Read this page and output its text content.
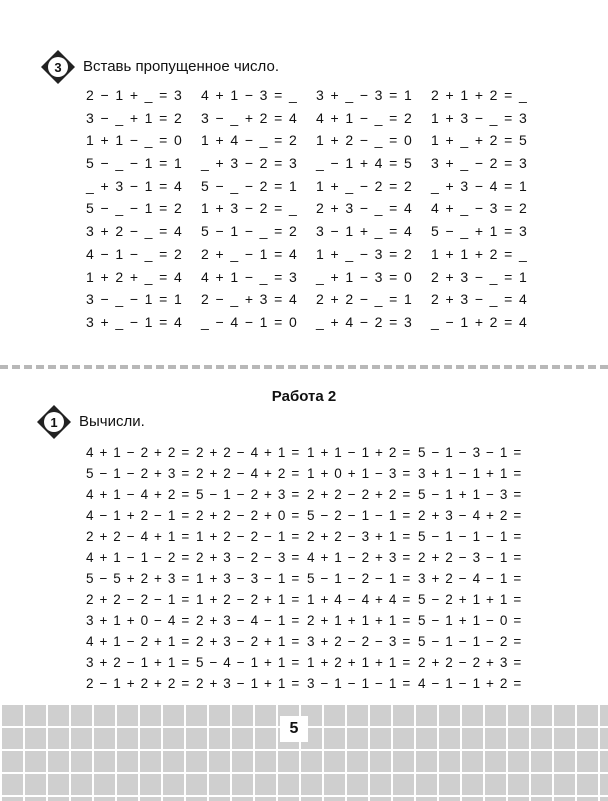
3	Вставь пропущенное число.
2 − 1 + _ = 3	4 + 1 − 3 = _	3 + _ − 3 = 1	2 + 1 + 2 = _
3 − _ + 1 = 2	3 − _ + 2 = 4	4 + 1 − _ = 2	1 + 3 − _ = 3
1 + 1 − _ = 0	1 + 4 − _ = 2	1 + 2 − _ = 0	1 + _ + 2 = 5
5 − _ − 1 = 1	_ + 3 − 2 = 3	_ − 1 + 4 = 5	3 + _ − 2 = 3
_ + 3 − 1 = 4	5 − _ − 2 = 1	1 + _ − 2 = 2	_ + 3 − 4 = 1
5 − _ − 1 = 2	1 + 3 − 2 = _	2 + 3 − _ = 4	4 + _ − 3 = 2
3 + 2 − _ = 4	5 − 1 − _ = 2	3 − 1 + _ = 4	5 − _ + 1 = 3
4 − 1 − _ = 2	2 + _ − 1 = 4	1 + _ − 3 = 2	1 + 1 + 2 = _
1 + 2 + _ = 4	4 + 1 − _ = 3	_ + 1 − 3 = 0	2 + 3 − _ = 1
3 − _ − 1 = 1	2 − _ + 3 = 4	2 + 2 − _ = 1	2 + 3 − _ = 4
3 + _ − 1 = 4	_ − 4 − 1 = 0	_ + 4 − 2 = 3	_ − 1 + 2 = 4
Работа 2
1	Вычисли.
4 + 1 − 2 + 2 = 2 + 2 − 4 + 1 = 1 + 1 − 1 + 2 = 5 − 1 − 3 − 1 =
5 − 1 − 2 + 3 = 2 + 2 − 4 + 2 = 1 + 0 + 1 − 3 = 3 + 1 − 1 + 1 =
4 + 1 − 4 + 2 = 5 − 1 − 2 + 3 = 2 + 2 − 2 + 2 = 5 − 1 + 1 − 3 =
4 − 1 + 2 − 1 = 2 + 2 − 2 + 0 = 5 − 2 − 1 − 1 = 2 + 3 − 4 + 2 =
2 + 2 − 4 + 1 = 1 + 2 − 2 − 1 = 2 + 2 − 3 + 1 = 5 − 1 − 1 − 1 =
4 + 1 − 1 − 2 = 2 + 3 − 2 − 3 = 4 + 1 − 2 + 3 = 2 + 2 − 3 − 1 =
5 − 5 + 2 + 3 = 1 + 3 − 3 − 1 = 5 − 1 − 2 − 1 = 3 + 2 − 4 − 1 =
2 + 2 − 2 − 1 = 1 + 2 − 2 + 1 = 1 + 4 − 4 + 4 = 5 − 2 + 1 + 1 =
3 + 1 + 0 − 4 = 2 + 3 − 4 − 1 = 2 + 1 + 1 + 1 = 5 − 1 + 1 − 0 =
4 + 1 − 2 + 1 = 2 + 3 − 2 + 1 = 3 + 2 − 2 − 3 = 5 − 1 − 1 − 2 =
3 + 2 − 1 + 1 = 5 − 4 − 1 + 1 = 1 + 2 + 1 + 1 = 2 + 2 − 2 + 3 =
2 − 1 + 2 + 2 = 2 + 3 − 1 + 1 = 3 − 1 − 1 − 1 = 4 − 1 − 1 + 2 =
5
